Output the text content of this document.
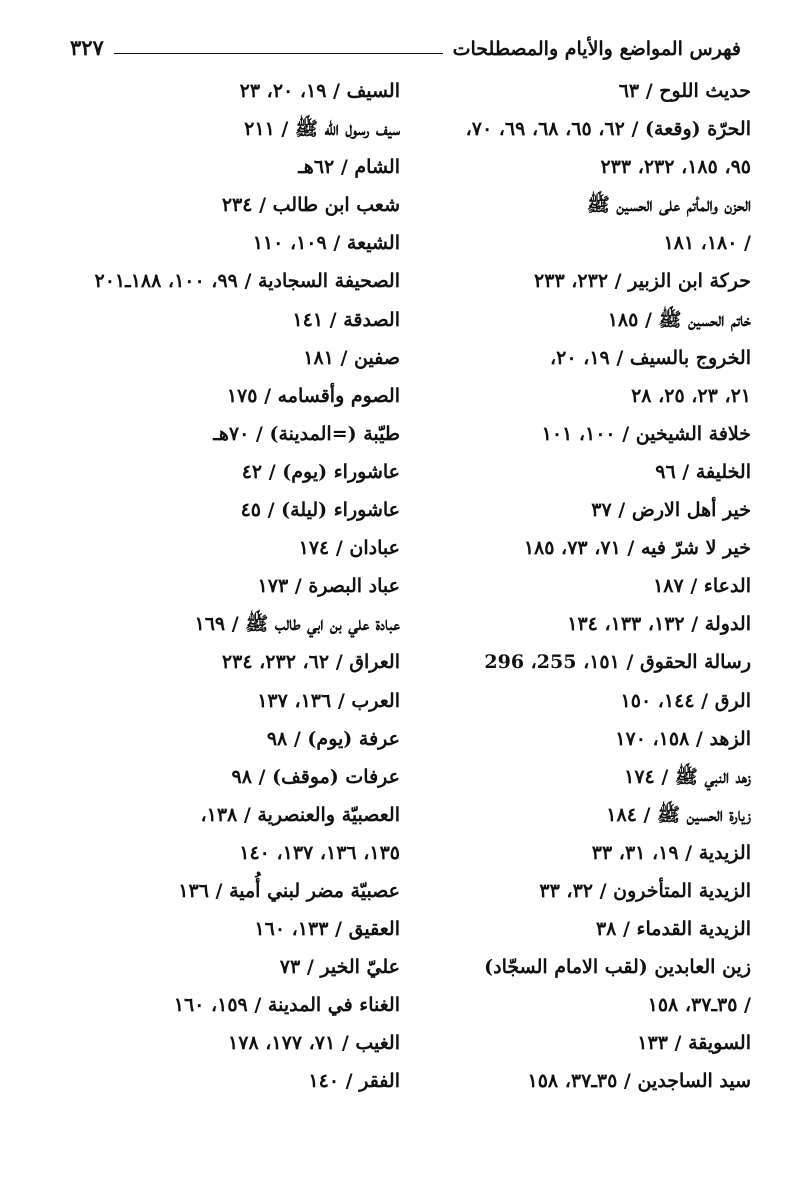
فهرس المواضع والأيام والمصطلحات
٣٢٧
حديث اللوح / ٦٣
الحرّة (وقعة) / ٦٢، ٦٥، ٦٨، ٦٩، ٧٠،
٩٥، ١٨٥، ٢٣٢، ٢٣٣
الحزن والمأتم على الحسين ﷺ
/ ١٨٠، ١٨١
حركة ابن الزبير / ٢٣٢، ٢٣٣
خاتم الحسين ﷺ / ١٨٥
الخروج بالسيف / ١٩، ٢٠،
٢١، ٢٣، ٢٥، ٢٨
خلافة الشيخين / ١٠٠، ١٠١
الخليفة / ٩٦
خير أهل الارض / ٣٧
خير لا شرّ فيه / ٧١، ٧٣، ١٨٥
الدعاء / ١٨٧
الدولة / ١٣٢، ١٣٣، ١٣٤
رسالة الحقوق / ١٥١، 255، 296
الرق / ١٤٤، ١٥٠
الزهد / ١٥٨، ١٧٠
زهد النبي ﷺ / ١٧٤
زيارة الحسين ﷺ / ١٨٤
الزيدية / ١٩، ٣١، ٣٣
الزيدية المتأخرون / ٣٢، ٣٣
الزيدية القدماء / ٣٨
زين العابدين (لقب الامام السجّاد)
/ ٣٥ـ٣٧، ١٥٨
السويقة / ١٣٣
سيد الساجدين / ٣٥ـ٣٧، ١٥٨
السيف / ١٩، ٢٠، ٢٣
سيف رسول الله ﷺ / ٢١١
الشام / ٦٢هـ
شعب ابن طالب / ٢٣٤
الشيعة / ١٠٩، ١١٠
الصحيفة السجادية / ٩٩، ١٠٠، ١٨٨ـ٢٠١
الصدقة / ١٤١
صفين / ١٨١
الصوم وأقسامه / ١٧٥
طيّبة (=المدينة) / ٧٠هـ
عاشوراء (يوم) / ٤٢
عاشوراء (ليلة) / ٤٥
عبادان / ١٧٤
عباد البصرة / ١٧٣
عبادة علي بن ابي طالب ﷺ / ١٦٩
العراق / ٦٢، ٢٣٢، ٢٣٤
العرب / ١٣٦، ١٣٧
عرفة (يوم) / ٩٨
عرفات (موقف) / ٩٨
العصبيّة والعنصرية / ١٣٨،
١٣٥، ١٣٦، ١٣٧، ١٤٠
عصبيّة مضر لبني أُمية / ١٣٦
العقيق / ١٣٣، ١٦٠
عليّ الخير / ٧٣
الغناء في المدينة / ١٥٩، ١٦٠
الغيب / ٧١، ١٧٧، ١٧٨
الفقر / ١٤٠
